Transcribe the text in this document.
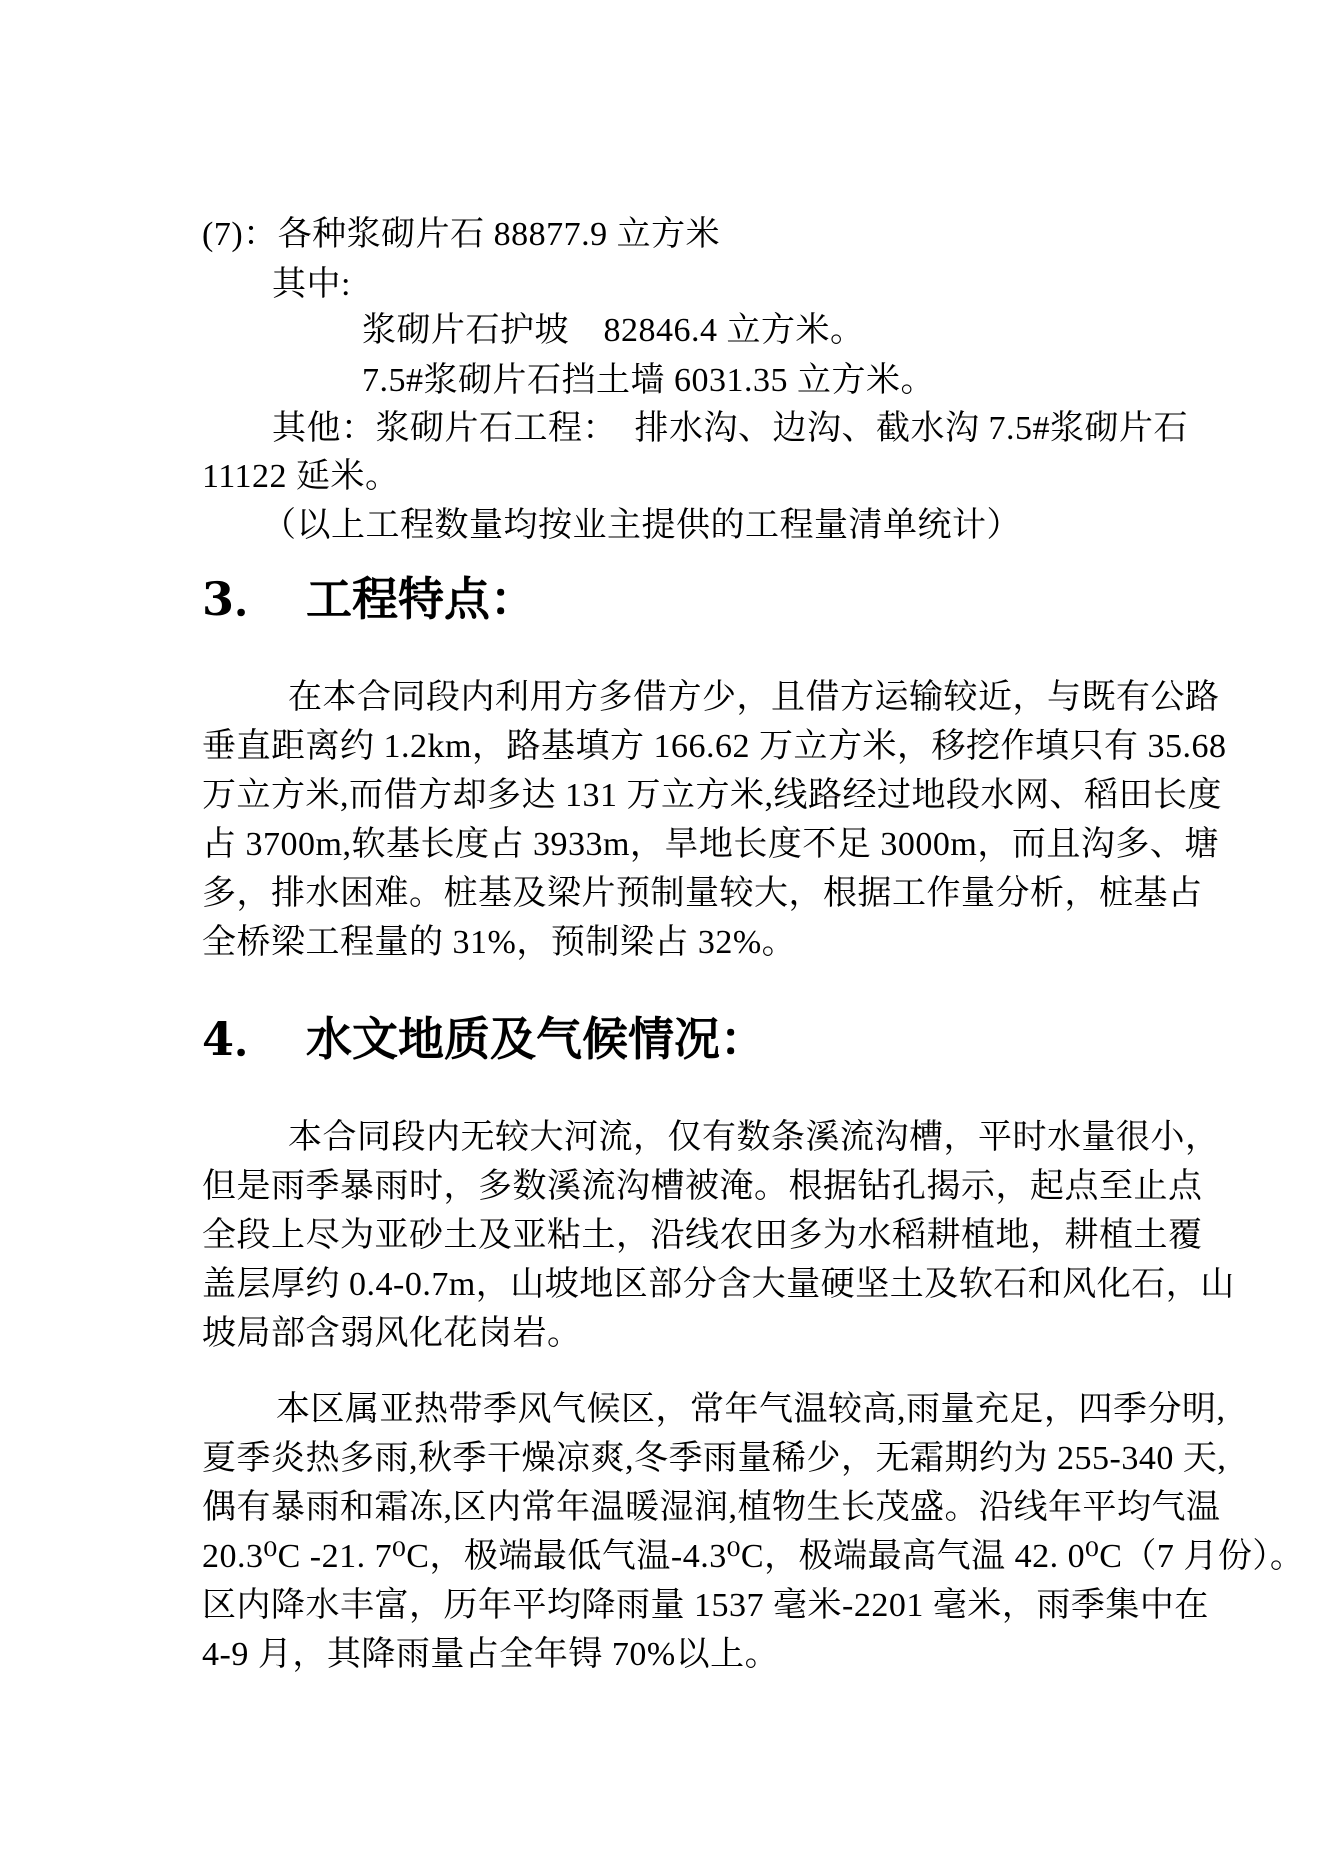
(7)：各种浆砌片石 88877.9 立方米
其中:
浆砌片石护坡　82846.4 立方米。
7.5#浆砌片石挡土墙 6031.35 立方米。
其他：浆砌片石工程：　排水沟、边沟、截水沟 7.5#浆砌片石
11122 延米。
（以上工程数量均按业主提供的工程量清单统计）
3． 工程特点：
在本合同段内利用方多借方少，且借方运输较近，与既有公路
垂直距离约 1.2km，路基填方 166.62 万立方米，移挖作填只有 35.68
万立方米,而借方却多达 131 万立方米,线路经过地段水网、稻田长度
占 3700m,软基长度占 3933m，旱地长度不足 3000m，而且沟多、塘
多，排水困难。桩基及梁片预制量较大，根据工作量分析，桩基占
全桥梁工程量的 31%，预制梁占 32%。
4． 水文地质及气候情况：
本合同段内无较大河流，仅有数条溪流沟槽，平时水量很小，
但是雨季暴雨时，多数溪流沟槽被淹。根据钻孔揭示，起点至止点
全段上尽为亚砂土及亚粘土，沿线农田多为水稻耕植地，耕植土覆
盖层厚约 0.4-0.7m，山坡地区部分含大量硬坚土及软石和风化石，山
坡局部含弱风化花岗岩。
本区属亚热带季风气候区，常年气温较高,雨量充足，四季分明,
夏季炎热多雨,秋季干燥凉爽,冬季雨量稀少，无霜期约为 255-340 天,
偶有暴雨和霜冻,区内常年温暖湿润,植物生长茂盛。沿线年平均气温
20.3⁰C -21. 7⁰C，极端最低气温-4.3⁰C，极端最高气温 42. 0⁰C（7 月份）。
区内降水丰富，历年平均降雨量 1537 毫米-2201 毫米，雨季集中在
4-9 月，其降雨量占全年锝 70%以上。
